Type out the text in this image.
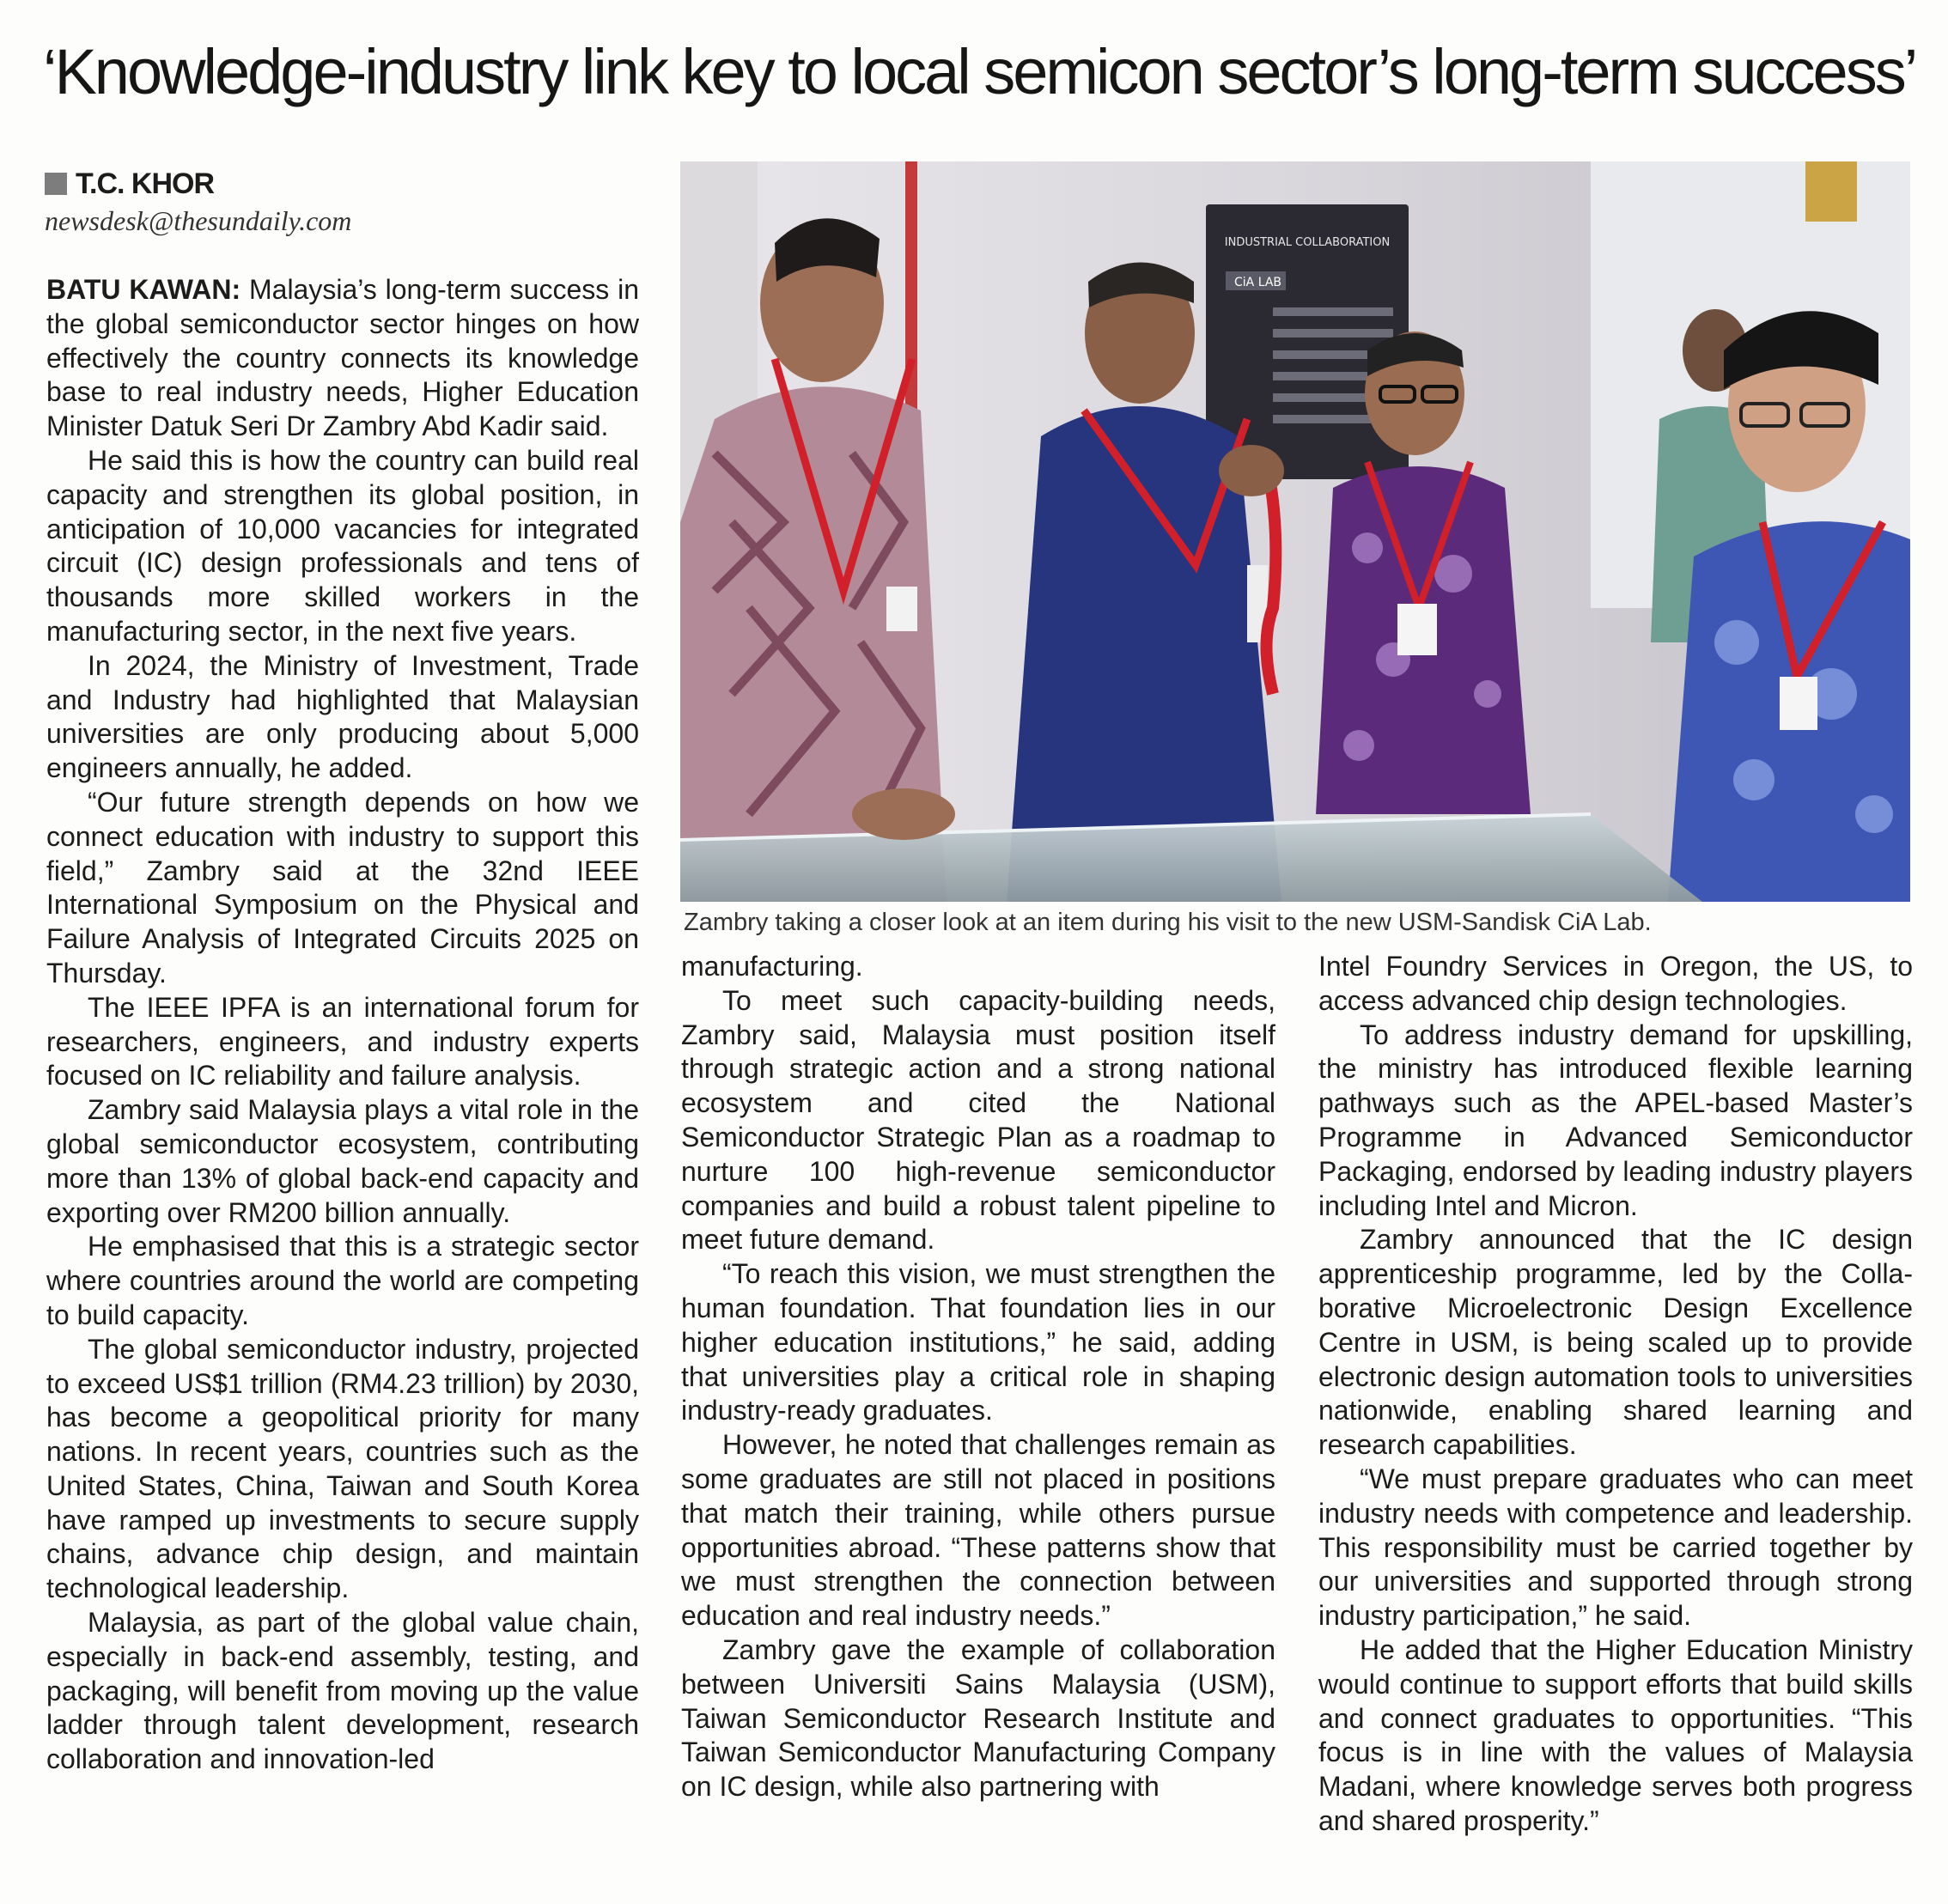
‘Knowledge-industry link key to local semicon sector’s long-term success’
T.C. KHOR
newsdesk@thesundaily.com
INDUSTRIAL COLLABORATION
CiA LAB
Zambry taking a closer look at an item during his visit to the new USM-Sandisk CiA Lab.

BATU KAWAN: Malaysia’s long-term success in the global semiconductor sector hinges on how effectively the country connects its knowledge base to real industry needs, Higher Education Minister Datuk Seri Dr Zambry Abd Kadir said.

He said this is how the country can build real capacity and strengthen its global position, in anticipation of 10,000 vacancies for integrated circuit (IC) design professionals and tens of thousands more skilled workers in the manufacturing sector, in the next five years.

In 2024, the Ministry of Investment, Trade and Industry had highlighted that Malaysian universities are only producing about 5,000 engineers annually, he added.

“Our future strength depends on how we connect education with industry to support this field,” Zambry said at the 32nd IEEE International Symposium on the Physical and Failure Analysis of Integrated Circuits 2025 on Thursday.

The IEEE IPFA is an international forum for researchers, engineers, and industry experts focused on IC reliability and failure analysis.

Zambry said Malaysia plays a vital role in the global semiconductor ecosystem, contributing more than 13% of global back-end capacity and exporting over RM200 billion annually.

He emphasised that this is a strategic sector where countries around the world are competing to build capacity.

The global semiconductor industry, projected to exceed US$1 trillion (RM4.23 trillion) by 2030, has become a geopolitical priority for many nations. In recent years, countries such as the United States, China, Taiwan and South Korea have ramped up investments to secure supply chains, advance chip design, and maintain technological leadership.

Malaysia, as part of the global value chain, especially in back-end assembly, testing, and packaging, will benefit from moving up the value ladder through talent development, research collaboration and innovation-led

manufacturing.

To meet such capacity-building needs, Zambry said, Malaysia must position itself through strategic action and a strong national ecosystem and cited the National Semiconductor Strategic Plan as a roadmap to nurture 100 high-revenue semiconductor companies and build a robust talent pipeline to meet future demand.

“To reach this vision, we must strengthen the human foundation. That foundation lies in our higher education institutions,” he said, adding that universities play a critical role in shaping industry-ready graduates.

However, he noted that challenges remain as some graduates are still not placed in positions that match their training, while others pursue opportunities abroad. “These patterns show that we must strengthen the connection between education and real industry needs.”

Zambry gave the example of collaboration between Universiti Sains Malaysia (USM), Taiwan Semiconductor Research Institute and Taiwan Semiconductor Manufacturing Company on IC design, while also partnering with

Intel Foundry Services in Oregon, the US, to access advanced chip design technologies.

To address industry demand for upskilling, the ministry has introduced flexible learning pathways such as the APEL-based Master’s Programme in Advanced Semiconductor Packaging, endorsed by leading industry players including Intel and Micron.

Zambry announced that the IC design apprenticeship programme, led by the Collaborative Microelectronic Design Excellence Centre in USM, is being scaled up to provide electronic design automation tools to universities nationwide, enabling shared learning and research capabilities.

“We must prepare graduates who can meet industry needs with competence and leadership. This responsibility must be carried together by our universities and supported through strong industry participation,” he said.

He added that the Higher Education Ministry would continue to support efforts that build skills and connect graduates to opportunities. “This focus is in line with the values of Malaysia Madani, where knowledge serves both progress and shared prosperity.”
